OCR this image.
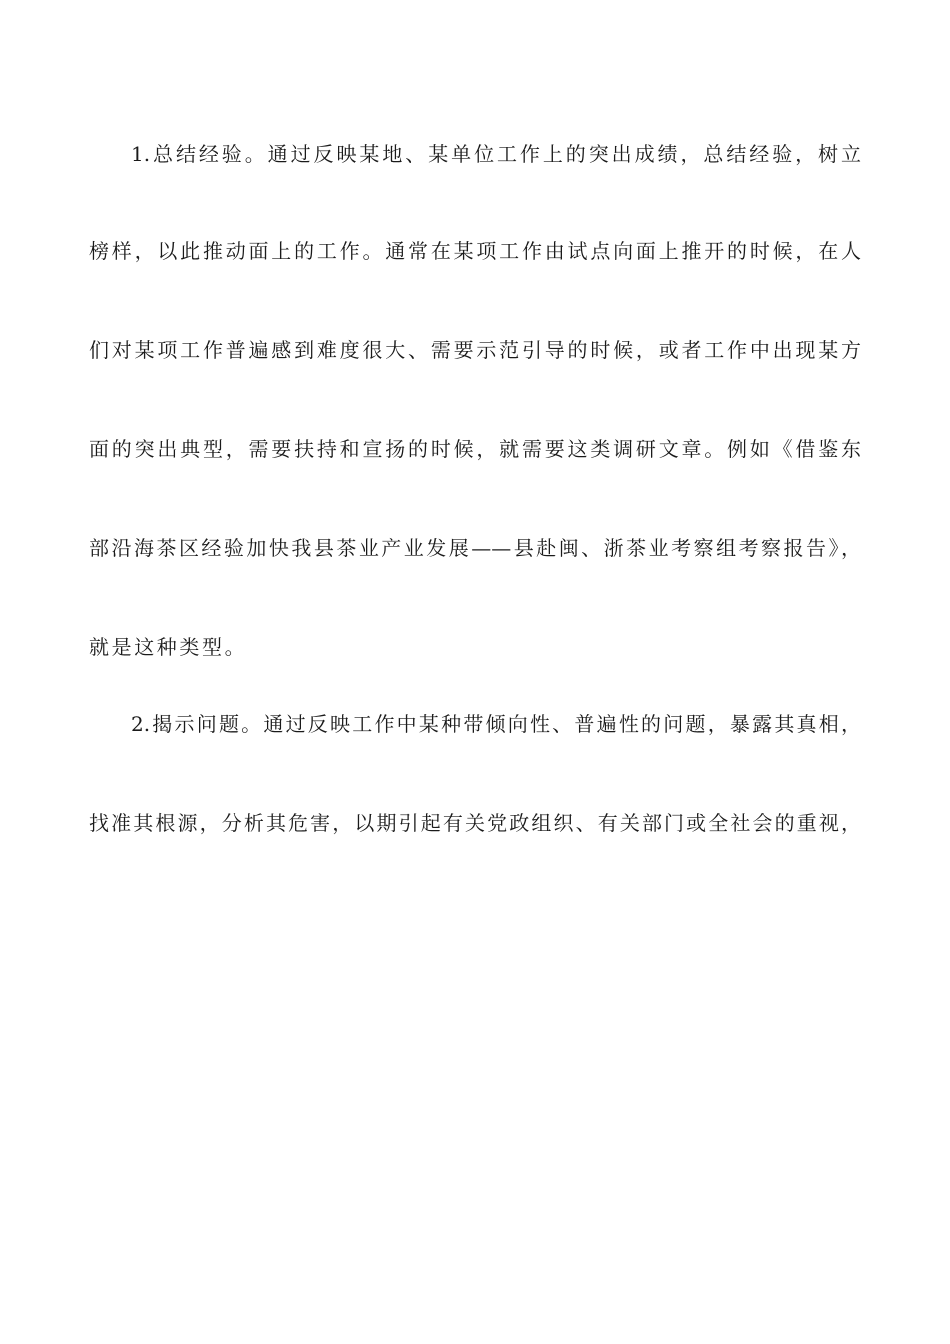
1.总结经验。通过反映某地、某单位工作上的突出成绩，总结经验，树立
榜样，以此推动面上的工作。通常在某项工作由试点向面上推开的时候，在人
们对某项工作普遍感到难度很大、需要示范引导的时候，或者工作中出现某方
面的突出典型，需要扶持和宣扬的时候，就需要这类调研文章。例如《借鉴东
部沿海茶区经验加快我县茶业产业发展——县赴闽、浙茶业考察组考察报告》，
就是这种类型。
2.揭示问题。通过反映工作中某种带倾向性、普遍性的问题，暴露其真相，
找准其根源，分析其危害，以期引起有关党政组织、有关部门或全社会的重视，
